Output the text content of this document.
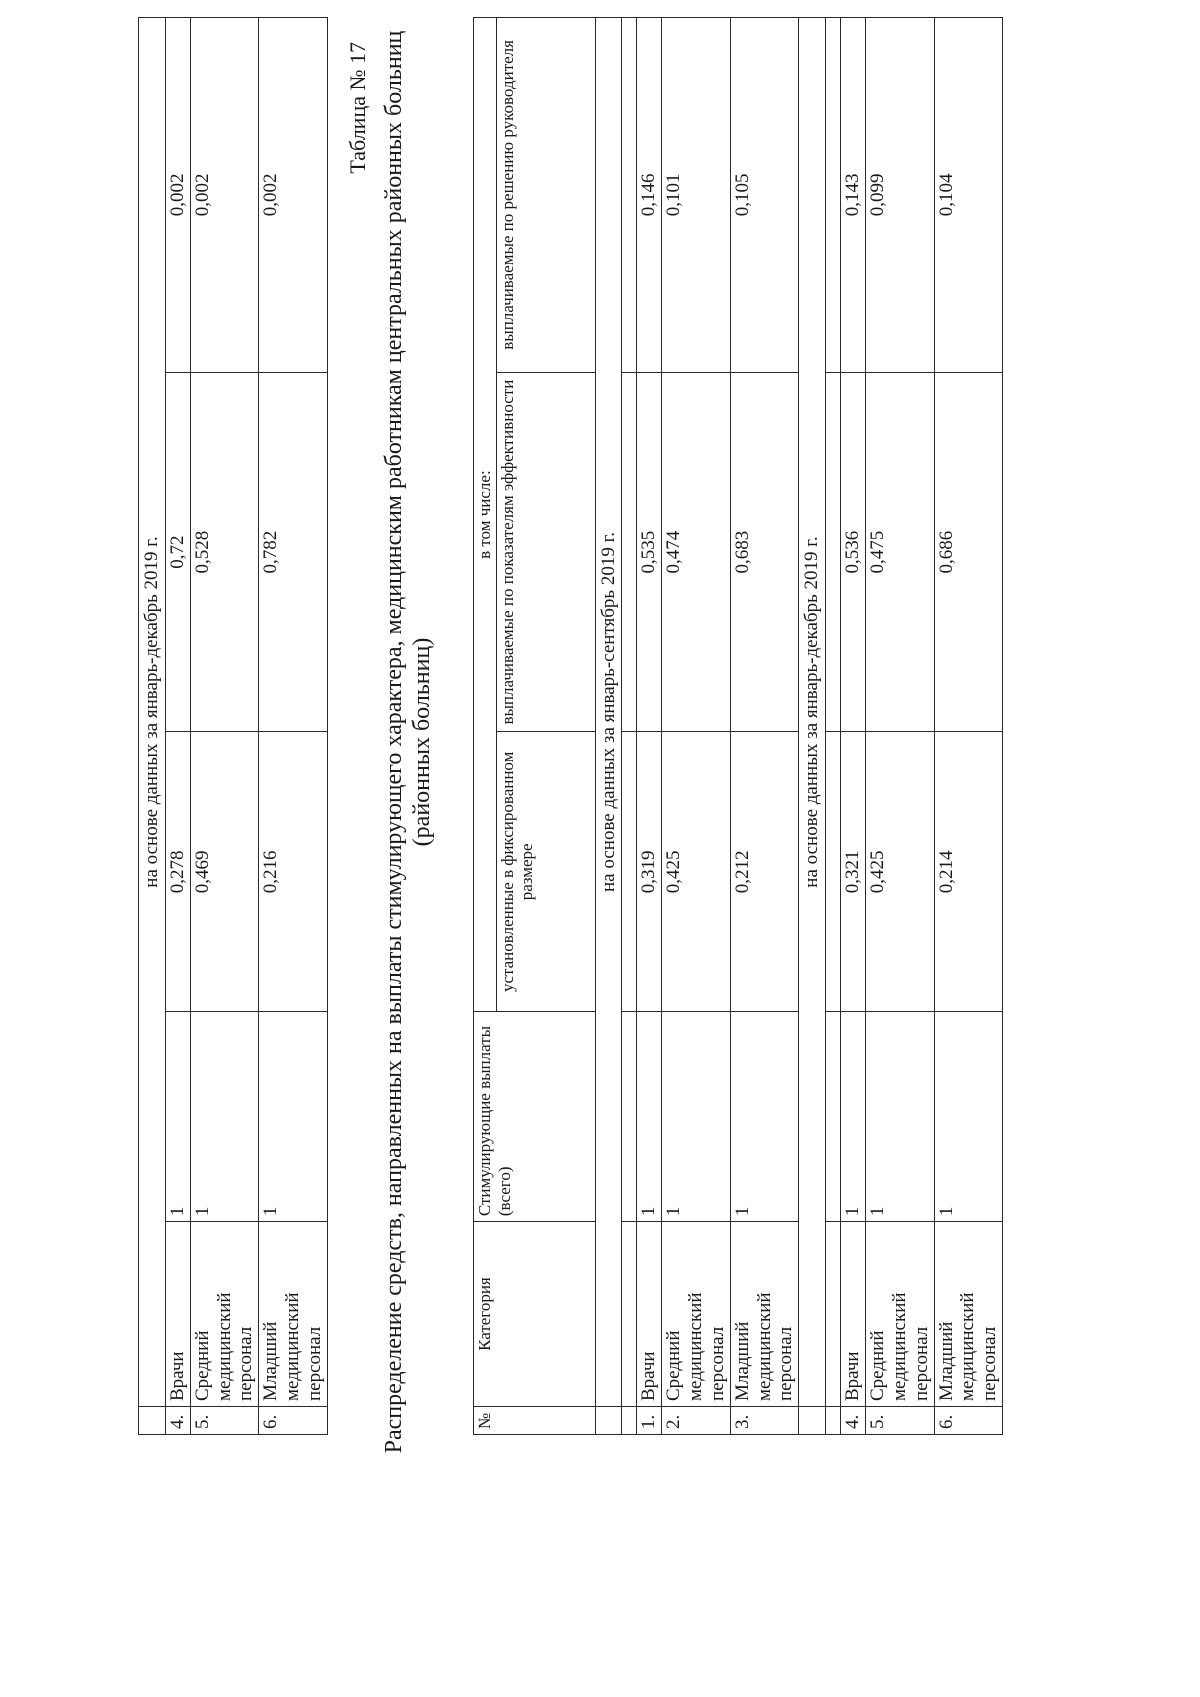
	на основе данных за январь-декабрь 2019 г.				
4.	Врачи	1	0,278	0,72	0,002
5.	Средний медицинский персонал	1	0,469	0,528	0,002
6.	Младший медицинский персонал	1	0,216	0,782	0,002
Таблица № 17 Распределение средств, направленных на выплаты стимулирующего характера, медицинским работникам центральных районных больниц (районных больниц)
№	Категория	Стимулирующие выплаты (всего)	в том числе:		
			установленные в фиксированном размере	выплачиваемые по показателям эффективности	выплачиваемые по решению руководителя
	на основе данных за январь-сентябрь 2019 г.				

1.	Врачи	1	0,319	0,535	0,146
2.	Средний медицинский персонал	1	0,425	0,474	0,101
3.	Младший медицинский персонал	1	0,212	0,683	0,105
	на основе данных за январь-декабрь 2019 г.				

4.	Врачи	1	0,321	0,536	0,143
5.	Средний медицинский персонал	1	0,425	0,475	0,099
6.	Младший медицинский персонал	1	0,214	0,686	0,104
